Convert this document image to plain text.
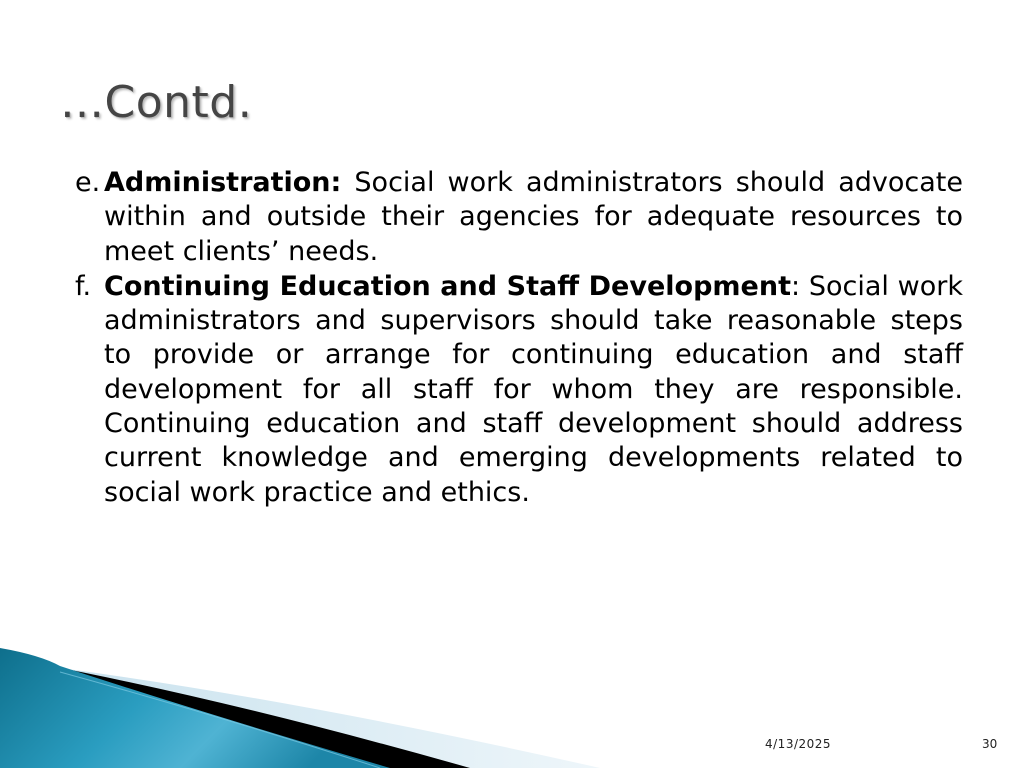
…Contd.
e. Administration: Social work administrators should advocate within and outside their agencies for adequate resources to meet clients’ needs.
f. Continuing Education and Staff Development: Social work administrators and supervisors should take reasonable steps to provide or arrange for continuing education and staff development for all staff for whom they are responsible. Continuing education and staff development should address current knowledge and emerging developments related to social work practice and ethics.
4/13/2025	30
